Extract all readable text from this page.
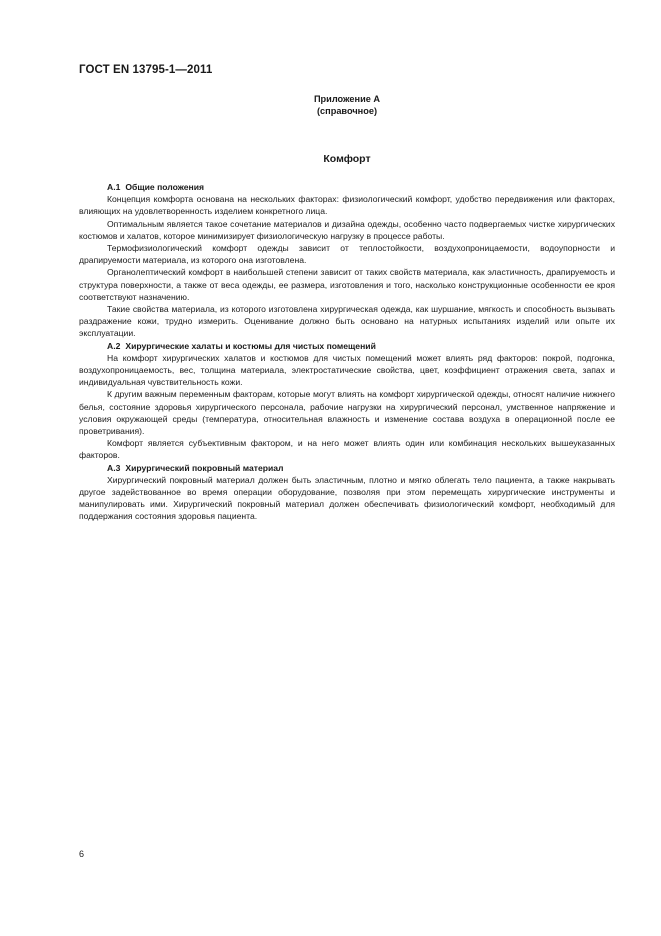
ГОСТ EN 13795-1—2011
Приложение А
(справочное)
Комфорт

А.1 Общие положения

Концепция комфорта основана на нескольких факторах: физиологический комфорт, удобство передвижения или факторах, влияющих на удовлетворенность изделием конкретного лица.

Оптимальным является такое сочетание материалов и дизайна одежды, особенно часто подвергаемых чистке хирургических костюмов и халатов, которое минимизирует физиологическую нагрузку в процессе работы.

Термофизиологический комфорт одежды зависит от теплостойкости, воздухопроницаемости, водоупорности и драпируемости материала, из которого она изготовлена.

Органолептический комфорт в наибольшей степени зависит от таких свойств материала, как эластичность, драпируемость и структура поверхности, а также от веса одежды, ее размера, изготовления и того, насколько конструкционные особенности ее кроя соответствуют назначению.

Такие свойства материала, из которого изготовлена хирургическая одежда, как шуршание, мягкость и способность вызывать раздражение кожи, трудно измерить. Оценивание должно быть основано на натурных испытаниях изделий или опыте их эксплуатации.

А.2 Хирургические халаты и костюмы для чистых помещений

На комфорт хирургических халатов и костюмов для чистых помещений может влиять ряд факторов: покрой, подгонка, воздухопроницаемость, вес, толщина материала, электростатические свойства, цвет, коэффициент отражения света, запах и индивидуальная чувствительность кожи.

К другим важным переменным факторам, которые могут влиять на комфорт хирургической одежды, относят наличие нижнего белья, состояние здоровья хирургического персонала, рабочие нагрузки на хирургический персонал, умственное напряжение и условия окружающей среды (температура, относительная влажность и изменение состава воздуха в операционной после ее проветривания).

Комфорт является субъективным фактором, и на него может влиять один или комбинация нескольких вышеуказанных факторов.

А.3 Хирургический покровный материал

Хирургический покровный материал должен быть эластичным, плотно и мягко облегать тело пациента, а также накрывать другое задействованное во время операции оборудование, позволяя при этом перемещать хирургические инструменты и манипулировать ими. Хирургический покровный материал должен обеспечивать физиологический комфорт, необходимый для поддержания состояния здоровья пациента.

6
